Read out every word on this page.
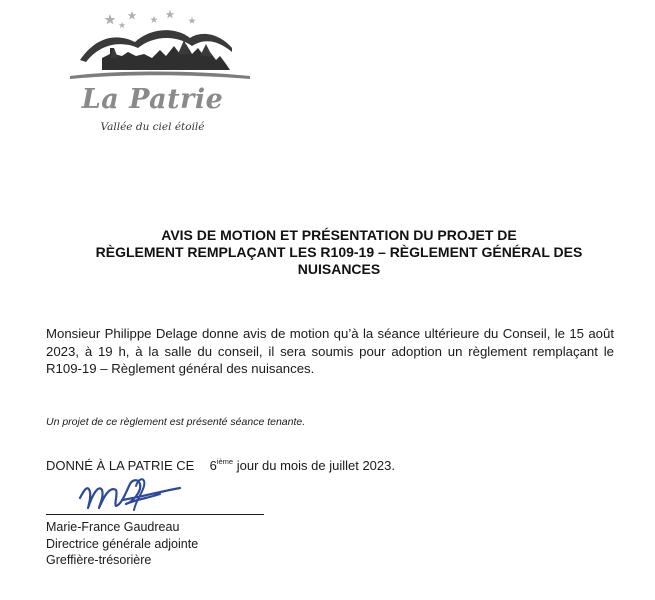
La Patrie
Vallée du ciel étoilé
AVIS DE MOTION ET PRÉSENTATION DU PROJET DE
RÈGLEMENT REMPLAÇANT LES R109-19 – RÈGLEMENT GÉNÉRAL DES
NUISANCES
Monsieur Philippe Delage donne avis de motion qu’à la séance ultérieure du Conseil, le 15 août 2023, à 19 h, à la salle du conseil, il sera soumis pour adoption un règlement remplaçant le R109-19 – Règlement général des nuisances.
Un projet de ce règlement est présenté séance tenante.
DONNÉ À LA PATRIE CE 6ième jour du mois de juillet 2023.
Marie-France Gaudreau
Directrice générale adjointe
Greffière-trésorière
